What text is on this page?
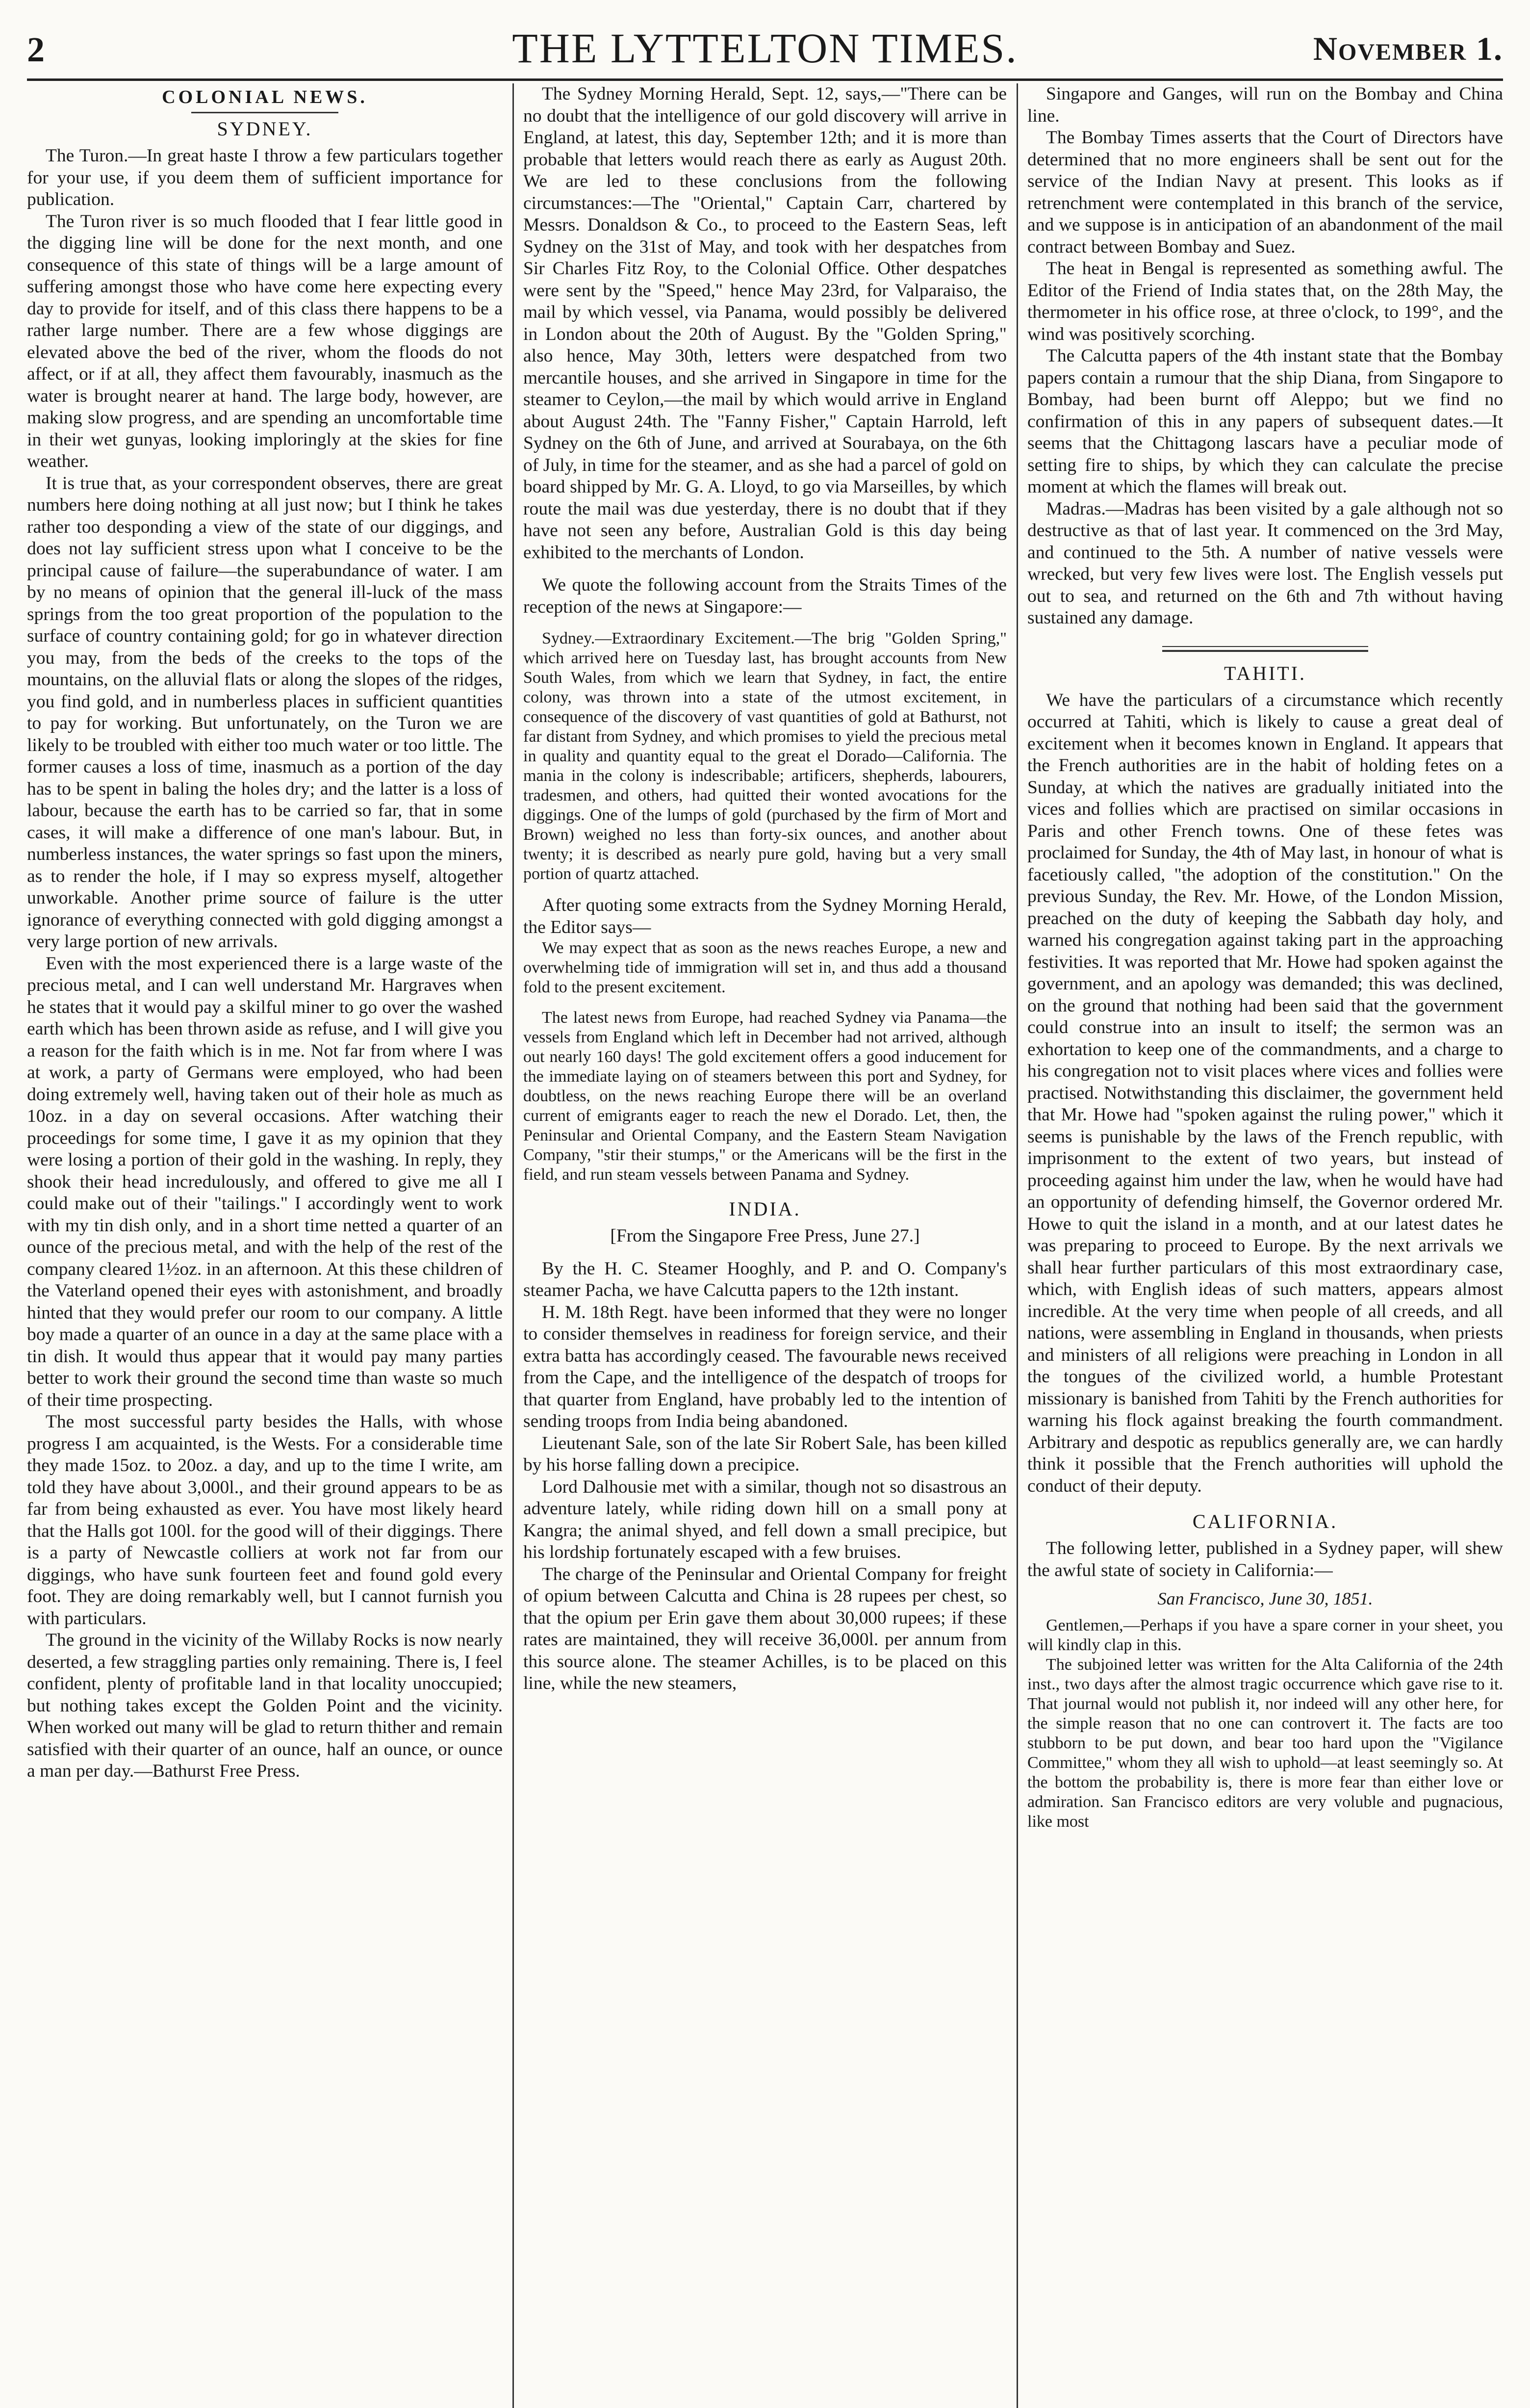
2	THE LYTTELTON TIMES.	November 1.
COLONIAL NEWS.
SYDNEY.

The Turon.—In great haste I throw a few particulars together for your use, if you deem them of sufficient importance for publication.

The Turon river is so much flooded that I fear little good in the digging line will be done for the next month, and one consequence of this state of things will be a large amount of suffering amongst those who have come here expecting every day to provide for itself, and of this class there happens to be a rather large number. There are a few whose diggings are elevated above the bed of the river, whom the floods do not affect, or if at all, they affect them favourably, inasmuch as the water is brought nearer at hand. The large body, however, are making slow progress, and are spending an uncomfortable time in their wet gunyas, looking imploringly at the skies for fine weather.

It is true that, as your correspondent observes, there are great numbers here doing nothing at all just now; but I think he takes rather too desponding a view of the state of our diggings, and does not lay sufficient stress upon what I conceive to be the principal cause of failure—the superabundance of water. I am by no means of opinion that the general ill-luck of the mass springs from the too great proportion of the population to the surface of country containing gold; for go in whatever direction you may, from the beds of the creeks to the tops of the mountains, on the alluvial flats or along the slopes of the ridges, you find gold, and in numberless places in sufficient quantities to pay for working. But unfortunately, on the Turon we are likely to be troubled with either too much water or too little. The former causes a loss of time, inasmuch as a portion of the day has to be spent in baling the holes dry; and the latter is a loss of labour, because the earth has to be carried so far, that in some cases, it will make a difference of one man's labour. But, in numberless instances, the water springs so fast upon the miners, as to render the hole, if I may so express myself, altogether unworkable. Another prime source of failure is the utter ignorance of everything connected with gold digging amongst a very large portion of new arrivals.

Even with the most experienced there is a large waste of the precious metal, and I can well understand Mr. Hargraves when he states that it would pay a skilful miner to go over the washed earth which has been thrown aside as refuse, and I will give you a reason for the faith which is in me. Not far from where I was at work, a party of Germans were employed, who had been doing extremely well, having taken out of their hole as much as 10oz. in a day on several occasions. After watching their proceedings for some time, I gave it as my opinion that they were losing a portion of their gold in the washing. In reply, they shook their head incredulously, and offered to give me all I could make out of their "tailings." I accordingly went to work with my tin dish only, and in a short time netted a quarter of an ounce of the precious metal, and with the help of the rest of the company cleared 1½oz. in an afternoon. At this these children of the Vaterland opened their eyes with astonishment, and broadly hinted that they would prefer our room to our company. A little boy made a quarter of an ounce in a day at the same place with a tin dish. It would thus appear that it would pay many parties better to work their ground the second time than waste so much of their time prospecting.

The most successful party besides the Halls, with whose progress I am acquainted, is the Wests. For a considerable time they made 15oz. to 20oz. a day, and up to the time I write, am told they have about 3,000l., and their ground appears to be as far from being exhausted as ever. You have most likely heard that the Halls got 100l. for the good will of their diggings. There is a party of Newcastle colliers at work not far from our diggings, who have sunk fourteen feet and found gold every foot. They are doing remarkably well, but I cannot furnish you with particulars.

The ground in the vicinity of the Willaby Rocks is now nearly deserted, a few straggling parties only remaining. There is, I feel confident, plenty of profitable land in that locality unoccupied; but nothing takes except the Golden Point and the vicinity. When worked out many will be glad to return thither and remain satisfied with their quarter of an ounce, half an ounce, or ounce a man per day.—Bathurst Free Press.

The Sydney Morning Herald, Sept. 12, says,—"There can be no doubt that the intelligence of our gold discovery will arrive in England, at latest, this day, September 12th; and it is more than probable that letters would reach there as early as August 20th. We are led to these conclusions from the following circumstances:—The "Oriental," Captain Carr, chartered by Messrs. Donaldson & Co., to proceed to the Eastern Seas, left Sydney on the 31st of May, and took with her despatches from Sir Charles Fitz Roy, to the Colonial Office. Other despatches were sent by the "Speed," hence May 23rd, for Valparaiso, the mail by which vessel, via Panama, would possibly be delivered in London about the 20th of August. By the "Golden Spring," also hence, May 30th, letters were despatched from two mercantile houses, and she arrived in Singapore in time for the steamer to Ceylon,—the mail by which would arrive in England about August 24th. The "Fanny Fisher," Captain Harrold, left Sydney on the 6th of June, and arrived at Sourabaya, on the 6th of July, in time for the steamer, and as she had a parcel of gold on board shipped by Mr. G. A. Lloyd, to go via Marseilles, by which route the mail was due yesterday, there is no doubt that if they have not seen any before, Australian Gold is this day being exhibited to the merchants of London.

We quote the following account from the Straits Times of the reception of the news at Singapore:—

Sydney.—Extraordinary Excitement.—The brig "Golden Spring," which arrived here on Tuesday last, has brought accounts from New South Wales, from which we learn that Sydney, in fact, the entire colony, was thrown into a state of the utmost excitement, in consequence of the discovery of vast quantities of gold at Bathurst, not far distant from Sydney, and which promises to yield the precious metal in quality and quantity equal to the great el Dorado—California. The mania in the colony is indescribable; artificers, shepherds, labourers, tradesmen, and others, had quitted their wonted avocations for the diggings. One of the lumps of gold (purchased by the firm of Mort and Brown) weighed no less than forty-six ounces, and another about twenty; it is described as nearly pure gold, having but a very small portion of quartz attached.

After quoting some extracts from the Sydney Morning Herald, the Editor says—

We may expect that as soon as the news reaches Europe, a new and overwhelming tide of immigration will set in, and thus add a thousand fold to the present excitement.

The latest news from Europe, had reached Sydney via Panama—the vessels from England which left in December had not arrived, although out nearly 160 days! The gold excitement offers a good inducement for the immediate laying on of steamers between this port and Sydney, for doubtless, on the news reaching Europe there will be an overland current of emigrants eager to reach the new el Dorado. Let, then, the Peninsular and Oriental Company, and the Eastern Steam Navigation Company, "stir their stumps," or the Americans will be the first in the field, and run steam vessels between Panama and Sydney.

INDIA.

[From the Singapore Free Press, June 27.]

By the H. C. Steamer Hooghly, and P. and O. Company's steamer Pacha, we have Calcutta papers to the 12th instant.

H. M. 18th Regt. have been informed that they were no longer to consider themselves in readiness for foreign service, and their extra batta has accordingly ceased. The favourable news received from the Cape, and the intelligence of the despatch of troops for that quarter from England, have probably led to the intention of sending troops from India being abandoned.

Lieutenant Sale, son of the late Sir Robert Sale, has been killed by his horse falling down a precipice.

Lord Dalhousie met with a similar, though not so disastrous an adventure lately, while riding down hill on a small pony at Kangra; the animal shyed, and fell down a small precipice, but his lordship fortunately escaped with a few bruises.

The charge of the Peninsular and Oriental Company for freight of opium between Calcutta and China is 28 rupees per chest, so that the opium per Erin gave them about 30,000 rupees; if these rates are maintained, they will receive 36,000l. per annum from this source alone. The steamer Achilles, is to be placed on this line, while the new steamers,

Singapore and Ganges, will run on the Bombay and China line.

The Bombay Times asserts that the Court of Directors have determined that no more engineers shall be sent out for the service of the Indian Navy at present. This looks as if retrenchment were contemplated in this branch of the service, and we suppose is in anticipation of an abandonment of the mail contract between Bombay and Suez.

The heat in Bengal is represented as something awful. The Editor of the Friend of India states that, on the 28th May, the thermometer in his office rose, at three o'clock, to 199°, and the wind was positively scorching.

The Calcutta papers of the 4th instant state that the Bombay papers contain a rumour that the ship Diana, from Singapore to Bombay, had been burnt off Aleppo; but we find no confirmation of this in any papers of subsequent dates.—It seems that the Chittagong lascars have a peculiar mode of setting fire to ships, by which they can calculate the precise moment at which the flames will break out.

Madras.—Madras has been visited by a gale although not so destructive as that of last year. It commenced on the 3rd May, and continued to the 5th. A number of native vessels were wrecked, but very few lives were lost. The English vessels put out to sea, and returned on the 6th and 7th without having sustained any damage.

TAHITI.

We have the particulars of a circumstance which recently occurred at Tahiti, which is likely to cause a great deal of excitement when it becomes known in England. It appears that the French authorities are in the habit of holding fetes on a Sunday, at which the natives are gradually initiated into the vices and follies which are practised on similar occasions in Paris and other French towns. One of these fetes was proclaimed for Sunday, the 4th of May last, in honour of what is facetiously called, "the adoption of the constitution." On the previous Sunday, the Rev. Mr. Howe, of the London Mission, preached on the duty of keeping the Sabbath day holy, and warned his congregation against taking part in the approaching festivities. It was reported that Mr. Howe had spoken against the government, and an apology was demanded; this was declined, on the ground that nothing had been said that the government could construe into an insult to itself; the sermon was an exhortation to keep one of the commandments, and a charge to his congregation not to visit places where vices and follies were practised. Notwithstanding this disclaimer, the government held that Mr. Howe had "spoken against the ruling power," which it seems is punishable by the laws of the French republic, with imprisonment to the extent of two years, but instead of proceeding against him under the law, when he would have had an opportunity of defending himself, the Governor ordered Mr. Howe to quit the island in a month, and at our latest dates he was preparing to proceed to Europe. By the next arrivals we shall hear further particulars of this most extraordinary case, which, with English ideas of such matters, appears almost incredible. At the very time when people of all creeds, and all nations, were assembling in England in thousands, when priests and ministers of all religions were preaching in London in all the tongues of the civilized world, a humble Protestant missionary is banished from Tahiti by the French authorities for warning his flock against breaking the fourth commandment. Arbitrary and despotic as republics generally are, we can hardly think it possible that the French authorities will uphold the conduct of their deputy.

CALIFORNIA.

The following letter, published in a Sydney paper, will shew the awful state of society in California:—

San Francisco, June 30, 1851.

Gentlemen,—Perhaps if you have a spare corner in your sheet, you will kindly clap in this.

The subjoined letter was written for the Alta California of the 24th inst., two days after the almost tragic occurrence which gave rise to it. That journal would not publish it, nor indeed will any other here, for the simple reason that no one can controvert it. The facts are too stubborn to be put down, and bear too hard upon the "Vigilance Committee," whom they all wish to uphold—at least seemingly so. At the bottom the probability is, there is more fear than either love or admiration. San Francisco editors are very voluble and pugnacious, like most
